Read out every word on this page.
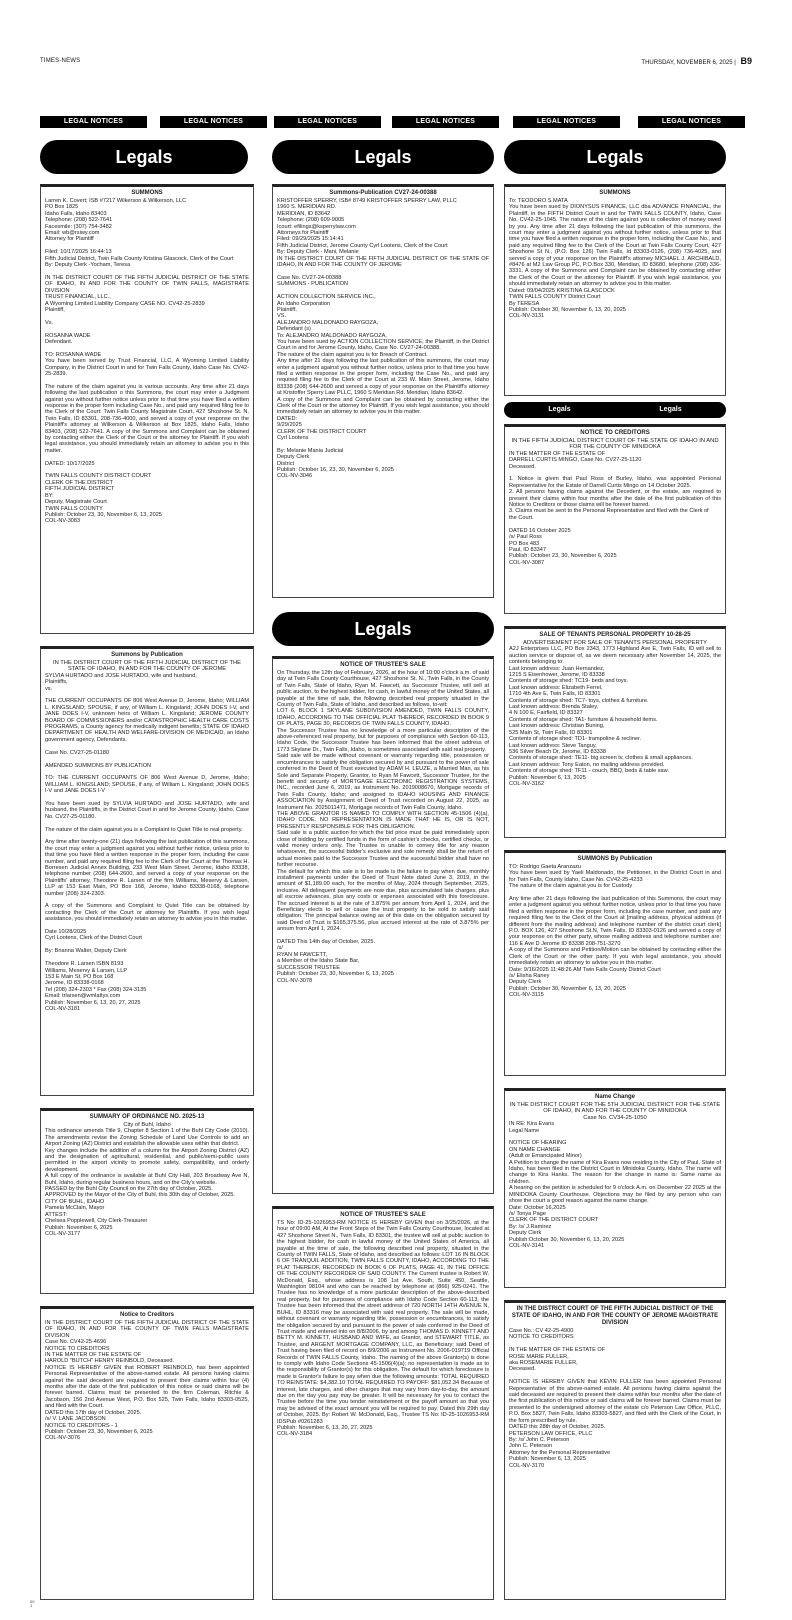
TIMES-NEWS	THURSDAY, NOVEMBER 6, 2025 | B9
LEGAL NOTICES	LEGAL NOTICES	LEGAL NOTICES	LEGAL NOTICES	LEGAL NOTICES	LEGAL NOTICES
Legals	Legals	Legals
Legals
Legals	Legals
SUMMONS
Larren K. Covert; ISB #7217 Wilkerson & Wilkerson, LLC
PO Box 1825
Idaho Falls, Idaho 83403
Telephone: (208) 522-7641
Facesmile: (307) 754-3482
Email: wb@rsiwy.com
Attorney for Plaintiff

Filed: 10/17/2025 16:44:13
Fifth Judicial District, Twin Falls County Kristina Glascock, Clerk of the Court
By: Deputy Clerk -Yocham, Teresa

IN THE DISTRICT COURT OF THE FIFTH JUDICIAL DISTRICT OF THE STATE OF IDAHO, IN AND FOR THE COUNTY OF TWIN FALLS, MAGISTRATE DIVISION
TRUST FINANCIAL, LLC.,
A Wyoming Limited Liability Company CASE NO. CV42-25-2839
Plaintiff,

Vs.

ROSANNA WADE
Defendant.

TO: ROSANNA WADE
You have been served by Trust Financial, LLC, A Wyoming Limited Liability Company, in the District Court in and for Twin Falls County, Idaho Case No. CV42-25-2839.

The nature of the claim against you is various accounts. Any time after 21 days following the last publication o this Summons, the court may enter a Judgment against you without further notice unless prior to that time you have filed a written response in the proper form including Case No., and paid any required filing fee to the Clerk of the Court: Twin Falls County Magistrate Court, 427 Shoshone St. N. Twin Falls, ID 83301, 208-736-4000, and served a copy of your response on the Plaintiff's attorney at Wilkerson & Wilkerson at Box 1825, Idaho Falls, Idaho 83403, (208) 522-7641. A copy of the Summons and Complaint can be obtained by contacting either the Clerk of the Court or the attorney for Plaintiff. If you wish legal assistance, you should immediately retain an attorney to advise you in this matter.

DATED: 10/17/2025

TWIN FALLS COUNTY DISTRICT COURT
CLERK OF THE DISTRICT
FIFTH JUDICIAL DISTRICT
BY:
Deputy, Magistrate Court
TWIN FALLS COUNTY
Publish: October 23, 30, November 6, 13, 2025
COL-NV-3083
Summons by Publication
IN THE DISTRICT COURT OF THE FIFTH JUDICIAL DISTRICT OF THE STATE OF IDAHO, IN AND FOR THE COUNTY OF JEROME
SYLVIA HURTADO and JOSE HURTADO, wife and husband,
Plaintiffs,
vs.

THE CURRENT OCCUPANTS OF 806 West Avenue D, Jerome, Idaho; WILLIAM L. KINGSLAND; SPOUSE, if any, of William L. Kingsland; JOHN DOES I-V, and JANE DOES I-V, unknown heirs of William L. Kingsland; JEROME COUNTY BOARD OF COMMISSIONERS and/or CATASTROPHIC HEALTH CARE COSTS PROGRAMS, a County agency for medically indigent benefits; STATE OF IDAHO DEPARTMENT OF HEALTH AND WELFARE-DIVISION OF MEDICAID, an Idaho government agency, Defendants.

Case No. CV27-25-01180

AMENDED SUMMONS BY PUBLICATION

TO: THE CURRENT OCCUPANTS OF 806 West Avenue D, Jerome, Idaho; WILLIAM L. KINGSLAND; SPOUSE, if any, of William L. Kingsland; JOHN DOES I-V and JANE DOES I-V

You have been sued by SYLVIA HURTADO and JOSE HURTADO, wife and husband, the Plaintiffs, in the District Court in and for Jerome County, Idaho, Case No. CV27-25-01180.

The nature of the claim against you is a Complaint to Quiet Title to real property.

Any time after twenty-one (21) days following the last publication of this summons, the court may enter a judgment against you without further notice, unless prior to that time you have filed a written response in the proper form, including the case number, and paid any required filing fee to the Clerk of the Court at the Thomas H. Borresen Judicial Annex Building, 233 West Main Street, Jerome, Idaho 83338, telephone number (208) 644-2600, and served a copy of your response on the Plaintiffs' attorney, Theodore R. Larsen of the firm Williams, Meservy & Larsen, LLP at 153 East Main, PO Box 168, Jerome, Idaho 83338-0168, telephone number (208) 324-2303.

A copy of the Summons and Complaint to Quiet Title can be obtained by contacting the Clerk of the Court or attorney for Plaintiffs. If you wish legal assistance, you should immediately retain an attorney to advise you in this matter.

Date 10/28/2025
Cyrl Lootens, Clerk of the District Court

By: Brianna Walter, Deputy Clerk

Theodore R. Larsen ISBN 8193
Williams, Meservy & Larsen, LLP
153 E Main St, PO Box 168
Jerome, ID 83338-0168
Tel (208) 324-2303 * Fax (208) 324-3135
Email: trlarsen@wmlattys.com
Publish: November 6, 13, 20, 27, 2025
COL-NV-3181
SUMMARY OF ORDINANCE NO. 2025-13
City of Buhl, Idaho
This ordinance amends Title 9, Chapter 8 Section 1 of the Buhl City Code (2010). The amendments revise the Zoning Schedule of Land Use Controls to add an Airport Zoning (AZ) District and establish the allowable uses within that district.
Key changes include the addition of a column for the Airport Zoning District (AZ) and the designation of agricultural, residential, and public/semi-public uses permitted in the airport vicinity to promote safety, compatibility, and orderly development.
A full copy of the ordinance is available at Buhl City Hall, 203 Broadway Ave N, Buhl, Idaho, during regular business hours, and on the City's website.
PASSED by the Buhl City Council on the 27th day of October, 2025.
APPROVED by the Mayor of the City of Buhl, this 30th day of October, 2025.
CITY OF BUHL, IDAHO
Pamela McClain, Mayor
ATTEST:
Chelsea Popplewell, City Clerk-Treasurer
Publish: November 6, 2025
COL-NV-3177
Notice to Creditors
IN THE DISTRICT COURT OF THE FIFTH JUDICIAL DISTRICT OF THE STATE OF IDAHO, IN AND FOR THE COUNTY OF TWIN FALLS MAGISTRATE DIVISION
Case No. CV42-25-4696
NOTICE TO CREDITORS
IN THE MATTER OF THE ESTATE OF
HAROLD "BUTCH" HENRY REINBOLD, Deceased.
NOTICE IS HEREBY GIVEN that ROBERT REINBOLD, has been appointed Personal Representative of the above-named estate. All persons having claims against the said decedent are required to present their claims within four (4) months after the date of the first publication of this notice or said claims will be forever barred. Claims must be presented to the firm Coleman, Ritchie & Jacobson, 156 2nd Avenue West, P.O. Box 525, Twin Falls, Idaho 83303-0525, and filed with the Court.
DATED this 17th day of October, 2025.
/s/ V. LANE JACOBSON
NOTICE TO CREDITORS - 1
Publish: October 23, 30, November 6, 2025
COL-NV-3076
Summons-Publication CV27-24-00388
KRISTOFFER SPERRY, ISB# 8749 KRISTOFFER SPERRY LAW, PLLC
1960 S. MERIDIAN RD.
MERIDIAN, ID 83642
Telephone: (208) 609-9005
Icourt: efilings@ksperrylaw.com
Attorneys for Plaintiff
Filed: 09/29/2025 15:14:41
Fifth Judicial District, Jerome County Cyrl Lootens, Clerk of the Court
By: Deputy Clerk - Mani, Melanie
IN THE DISTRICT COURT OF THE FIFTH JUDICIAL DISTRICT OF THE STATE OF IDAHO, IN AND FOR THE COUNTY OF JEROME

Case No. CV27-24-00388
SUMMONS - PUBLICATION

ACTION COLLECTION SERVICE INC.,
An Idaho Corporation
Plaintiff,
VS.
ALEJANDRO MALDONADO RAYGOZA,
Defendant (s)
To: ALEJANDRO MALDONADO RAYGOZA,
You have been sued by ACTION COLLECTION SERVICE, the Plaintiff, in the District Court in and for Jerome County, Idaho, Case No. CV27-24-00388.
The nature of the claim against you is for Breach of Contract.
Any time after 21 days following the last publication of this summons, the court may enter a judgment against you without further notice, unless prior to that time you have filed a written response in the proper form, including the Case No., and paid any required filing fee to the Clerk of the Court at 233 W. Main Street, Jerome, Idaho 83338 (208) 644-2600 and served a copy of your response on the Plaintiff's attorney at Kristoffer Sperry Law PLLC, 1960 S Meridian Rd. Meridian, Idaho 83642.
A copy of the Summons and Complaint can be obtained by contacting either the Clerk of the Court or the attorney for Plaintiff. If you wish legal assistance, you should immediately retain an attorney to advise you in this matter.
DATED:
9/29/2025
CLERK OF THE DISTRICT COURT
Cyrl Lootens

By: Melanie Mania Judicial
Deputy Clerk
District
Publish: October 16, 23, 30, November 6, 2025
COL-NV-3046
NOTICE OF TRUSTEE'S SALE
On Thursday, the 12th day of February, 2026, at the hour of 10:00 o'clock a.m. of said day at Twin Falls County Courthouse, 427 Shoshone St. N., Twin Falls, in the County of Twin Falls, State of Idaho, Ryan M. Fawcett, as Successor Trustee, will sell at public auction, to the highest bidder, for cash, in lawful money of the United States, all payable at the time of sale, the following described real property situated in the County of Twin Falls, State of Idaho, and described as follows, to-wit:
LOT 6, BLOCK 1 SKYLANE SUBDIVISION AMENDED, TWIN FALLS COUNTY, IDAHO, ACCORDING TO THE OFFICIAL PLAT THEREOF, RECORDED IN BOOK 9 OF PLATS, PAGE 30, RECORDS OF TWIN FALLS COUNTY, IDAHO.
The Successor Trustee has no knowledge of a more particular description of the above-referenced real property, but for purposes of compliance with Section 60-113, Idaho Code, the Successor Trustee has been informed that the street address of 1773 Skylane Dr., Twin Falls, Idaho, is sometimes associated with said real property.
Said sale will be made without covenant or warranty regarding title, possession or encumbrances to satisfy the obligation secured by and pursuant to the power of sale conferred in the Deed of Trust executed by ADAM H. LEUZE, a Married Man, as his Sole and Separate Property, Grantor, to Ryan M Fawcett, Successor Trustee, for the benefit and security of MORTGAGE ELECTRONIC REGISTRATION SYSTEMS, INC., recorded June 6, 2019, as Instrument No. 2019008670, Mortgage records of Twin Falls County, Idaho; and assigned to IDAHO HOUSING AND FINANCE ASSOCIATION by Assignment of Deed of Trust recorded on August 22, 2025, as Instrument No. 2025011471, Mortgage records of Twin Falls County, Idaho.
THE ABOVE GRANTOR IS NAMED TO COMPLY WITH SECTION 45-1506 (4)(a), IDAHO CODE. NO REPRESENTATION IS MADE THAT HE IS, OR IS NOT, PRESENTLY RESPONSIBLE FOR THIS OBLIGATION.
Said sale is a public auction for which the bid price must be paid immediately upon close of bidding by certified funds in the form of cashier's checks, certified checks, or valid money orders only. The Trustee is unable to convey title for any reason whatsoever, the successful bidder's exclusive and sole remedy shall be the return of actual monies paid to the Successor Trustee and the successful bidder shall have no further recourse.
The default for which this sale is to be made is the failure to pay when due, monthly installment payments under the Deed of Trust Note dated June 3, 2019, in the amount of $1,189.00 each, for the months of May, 2024 through September, 2025, inclusive. All delinquent payments are now due, plus accumulated late charges, plus all escrow advances, plus any costs or expenses associated with this foreclosure. The accrued interest is at the rate of 3.875% per annum from April 1, 2024, and the Beneficiary elects to sell or cause the trust property to be sold to satisfy said obligation. The principal balance owing as of this date on the obligation secured by said Deed of Trust is $165,375.56, plus accrued interest at the rate of 3.875% per annum from April 1, 2024.

DATED This 14th day of October, 2025.
/s/
RYAN M FAWCETT,
a Member of the Idaho State Bar,
SUCCESSOR TRUSTEE
Publish: October 23, 30, November 6, 13, 2025
COL-NV-3078
NOTICE OF TRUSTEE'S SALE
TS No: ID-25-1026953-RM NOTICE IS HEREBY GIVEN that on 3/25/2026, at the hour of 09:00 AM, At the Front Steps of the Twin Falls County Courthouse, located at 427 Shoshone Street N., Twin Falls, ID 83301, the trustee will sell at public auction to the highest bidder, for cash in lawful money of the United States of America, all payable at the time of sale, the following described real property, situated in the County of TWIN FALLS, State of Idaho, and described as follows: LOT 16 IN BLOCK 6 OF TRANQUIL ADDITION, TWIN FALLS COUNTY, IDAHO, ACCORDING TO THE PLAT THEREOF, RECORDED IN BOOK 6 OF PLATS, PAGE 41, IN THE OFFICE OF THE COUNTY RECORDER OF SAID COUNTY. The Current trustee is Robert W. McDonald, Esq., whose address is 108 1st Ave. South, Suite 450, Seattle, Washington 98104 and who can be reached by telephone at (866) 925-0241. The Trustee has no knowledge of a more particular description of the above-described real property, but for purposes of compliance with Idaho Code Section 60-113, the Trustee has been informed that the street address of 720 NORTH 14TH AVENUE N, BUHL, ID 83316 may be associated with said real property. The sale will be made, without covenant or warranty regarding title, possession or encumbrances, to satisfy the obligation secured by and pursuant to the power of sale conferred in the Deed of Trust made and entered into on 8/8/2006, by and among THOMAS D. KINNETT AND BETTY M. KINNETT, HUSBAND AND WIFE, as Grantor, and STEWART TITLE, as Trustee, and ARGENT MORTGAGE COMPANY, LLC, as Beneficiary; said Deed of Trust having been filed of record on 8/9/2006 as Instrument No. 2006-019719 Official Records of TWIN FALLS County, Idaho. The naming of the above Grantor(s) is done to comply with Idaho Code Sections 45-1506(4)(a); no representation is made as to the responsibility of Grantor(s) for this obligation. The default for which foreclosure is made is Grantor's failure to pay when due the following amounts: TOTAL REQUIRED TO REINSTATE: $4,382.10 TOTAL REQUIRED TO PAYOFF: $81,052.34 Because of interest, late charges, and other charges that may vary from day-to-day, the amount due on the day you pay may be greater. It will be necessary for you to contact the Trustee before the time you tender reinstatement or the payoff amount so that you may be advised of the exact amount you will be required to pay. Dated this 29th day of October, 2025. By: Robert W. McDonald, Esq., Trustee TS No: ID-25-1026953-RM IDSPub #0261283
Publish: November 6, 13, 20, 27, 2025
COL-NV-3184
SUMMONS
To: TEODORO S MATA
You have been sued by DIONYSUS FINANCE, LLC dba ADVANCE FINANCIAL, the Plaintiff, in the FIFTH District Court in and for TWIN FALLS COUNTY, Idaho, Case No. CV42-25-1045. The nature of the claim against you is collection of money owed by you. Any time after 21 days following the last publication of this summons, the court may enter a judgment against you without further notice, unless prior to that time you have filed a written response in the proper form, including the Case No., and paid any required filing fee to the Clerk of the Court at Twin Falls County Court, 427 Shoshone St N., (P.O. Box 126) Twin Falls, Id 83303-0126, (208) 736-4025, and served a copy of your response on the Plaintiff's attorney MICHAEL J. ARCHIBALD, #8476 at M2 Law Group PC, P.O.Box 330, Meridian, ID 83680, telephone (208) 336-3331. A copy of the Summons and Complaint can be obtained by contacting either the Clerk of the Court or the attorney for Plaintiff. If you wish legal assistance, you should immediately retain an attorney to advise you in this matter.
Dated: 09/04/2025 KRISTINA GLASCOCK
TWIN FALLS COUNTY District Court
By TERESA
Publish: October 30, November 6, 13, 20, 2025
COL-NV-3131
NOTICE TO CREDITORS
IN THE FIFTH JUDICIAL DISTRICT COURT OF THE STATE OF IDAHO IN AND FOR THE COUNTY OF MINIDOKA
IN THE MATTER OF THE ESTATE OF
DARRELL CURTIS MINGO, Case No. CV27-25-1120
Deceased.

1. Notice is given that Paul Ross of Burley, Idaho, was appointed Personal Representative for the Estate of Darrell Curtis Mingo on 14 October 2025.
2. All persons having claims against the Decedent, or the estate, are required to present their claims within four months after the date of the first publication of this Notice to Creditors or those claims will be forever barred.
3. Claims must be sent to the Personal Representative and filed with the Clerk of
the Court.

DATED 16 October 2025
/s/ Paul Ross
PO Box 483
Paul, ID 83347
Publish: October 23, 30, November 6, 2025
COL-NV-3087
SALE OF TENANTS PERSONAL PROPERTY 10-28-25
ADVERTISEMENT FOR SALE OF TENANTS PERSONAL PROPERTY
A2J Enterprises LLC, PO Box 2343, 1773 Highland Ave E, Twin Falls, ID will sell to auction service or dispose of, as we deem necessary after November 14, 2025, the contents belonging to:
Last known address: Juan Hernandez,
1215 S Eisenhower, Jerome, ID 83338
Contents of storage shed: TC19- beds and toys.
Last known address: Elizabeth Ferrel,
1710 4th Ave E, Twin Falls, ID 83301
Contents of storage shed: TC7- toys, clothes & furniture.
Last known address: Brenda Staley,
4 N 100 E, Fairfield, ID 83327
Contents of storage shed: TA1- furniture & household items.
Last known address: Christian Buning,
525 Main St, Twin Falls, ID 83301
Contents of storage shed: TD1- trampoline & recliner.
Last known address: Steve Tanguy,
536 Silver Beach Dr, Jerome, ID 83338
Contents of storage shed: TE11- big screen tv, clothes & small appliances.
Last known address: Tony Eaton, no mailing address provided.
Contents of storage shed: TF11 - couch, BBQ, beds & table saw.
Publish: November 6, 13, 2025
COL-NV-3162
SUMMONS By Publication
TO: Rodrigo Gaeta Aranzazu
You have been sued by Yaeli Maldonado, the Petitioner, in the District Court in and for Twin Falls, County Idaho, Case No. CV42-25-4233
The nature of the claim against you is for Custody

Any time after 21 days following the last publication of this Summons, the court may enter a judgment against you without further notice, unless prior to that time you have filed a written response in the proper form, including the case number, and paid any required filing fee to the Clerk of the Court at [mailing address, physical address (if different from the mailing address) and telephone number of the district court clerk] P.O. BOX 126, 427 Shoshone St.N, Twin Falls, ID 83303-0126 and served a copy of your response on the other party, whose mailing address and telephone number are: 116 E Ave D Jerome ID 83338 208-751-3270
A copy of the Summons and Petition/Motion can be obtained by contacting either the Clerk of the Court or the other party. If you wish legal assistance, you should immediately retain an attorney to advise you in this matter.
Date: 9/16/2025 11:48:26 AM Twin Falls County District Court
/s/ Elisha Raney
Deputy Clerk
Publish: October 30, November 6, 13, 20, 2025
COL-NV-3115
Name Change
IN THE DISTRICT COURT FOR THE 5TH JUDICIAL DISTRICT FOR THE STATE OF IDAHO, IN AND FOR THE COUNTY OF MINIDOKA
Case No. CV34-25-1050
IN RE: Kira Evans
Legal Name

NOTICE OF HEARING
ON NAME CHANGE
(Adult or Emancipated Minor)
A Petition to change the name of Kira Evans now residing in the City of Paul, State of Idaho, has been filed in the District Court in Minidoka County, Idaho. The name will change to Kira Hanks. The reason for the change in name is: Same name as children.
A hearing on the petition is scheduled for 9 o'clock A.m. on December 22 2025 at the MINIDOKA County Courthouse. Objections may be filed by any person who can show the court a good reason against the name change.
Date: October 16,2025
/s/ Tonya Page
CLERK OF THE DISTRICT COURT
By: /s/ J.Ramirez
Deputy Clerk
Publish:October 30, November 6, 13, 20, 2025
COL-NV-3141
IN THE DISTRICT COURT OF THE FIFTH JUDICIAL DISTRICT OF THE STATE OF IDAHO, IN AND FOR THE COUNTY OF JEROME MAGISTRATE DIVISION
Case No.: CV 42-25-4900
NOTICE TO CREDITORS

IN THE MATTER OF THE ESTATE OF
ROSE MARIE FULLER,
aka ROSEMARIE FULLER,
Deceased.

NOTICE IS HEREBY GIVEN that KEVIN FULLER has been appointed Personal Representative of the above-named estate. All persons having claims against the said deceased are required to present their claims within four months after the date of the first publication of this notice or said claims will be forever barred. Claims must be presented to the undersigned attorney of the estate c/o Peterson Law Office, PLLC, P.O. Box 5827, Twin Falls, Idaho 83303-5827, and filed with the Clerk of the Court, in the form prescribed by rule.
DATED this 28th day of October, 2025.
PETERSON LAW OFFICE, PLLC
By: /s/ John C. Peterson
John C. Peterson
Attorney for the Personal Representative
Publish: November 6, 13, 2025
COL-NV-3170
00
1
